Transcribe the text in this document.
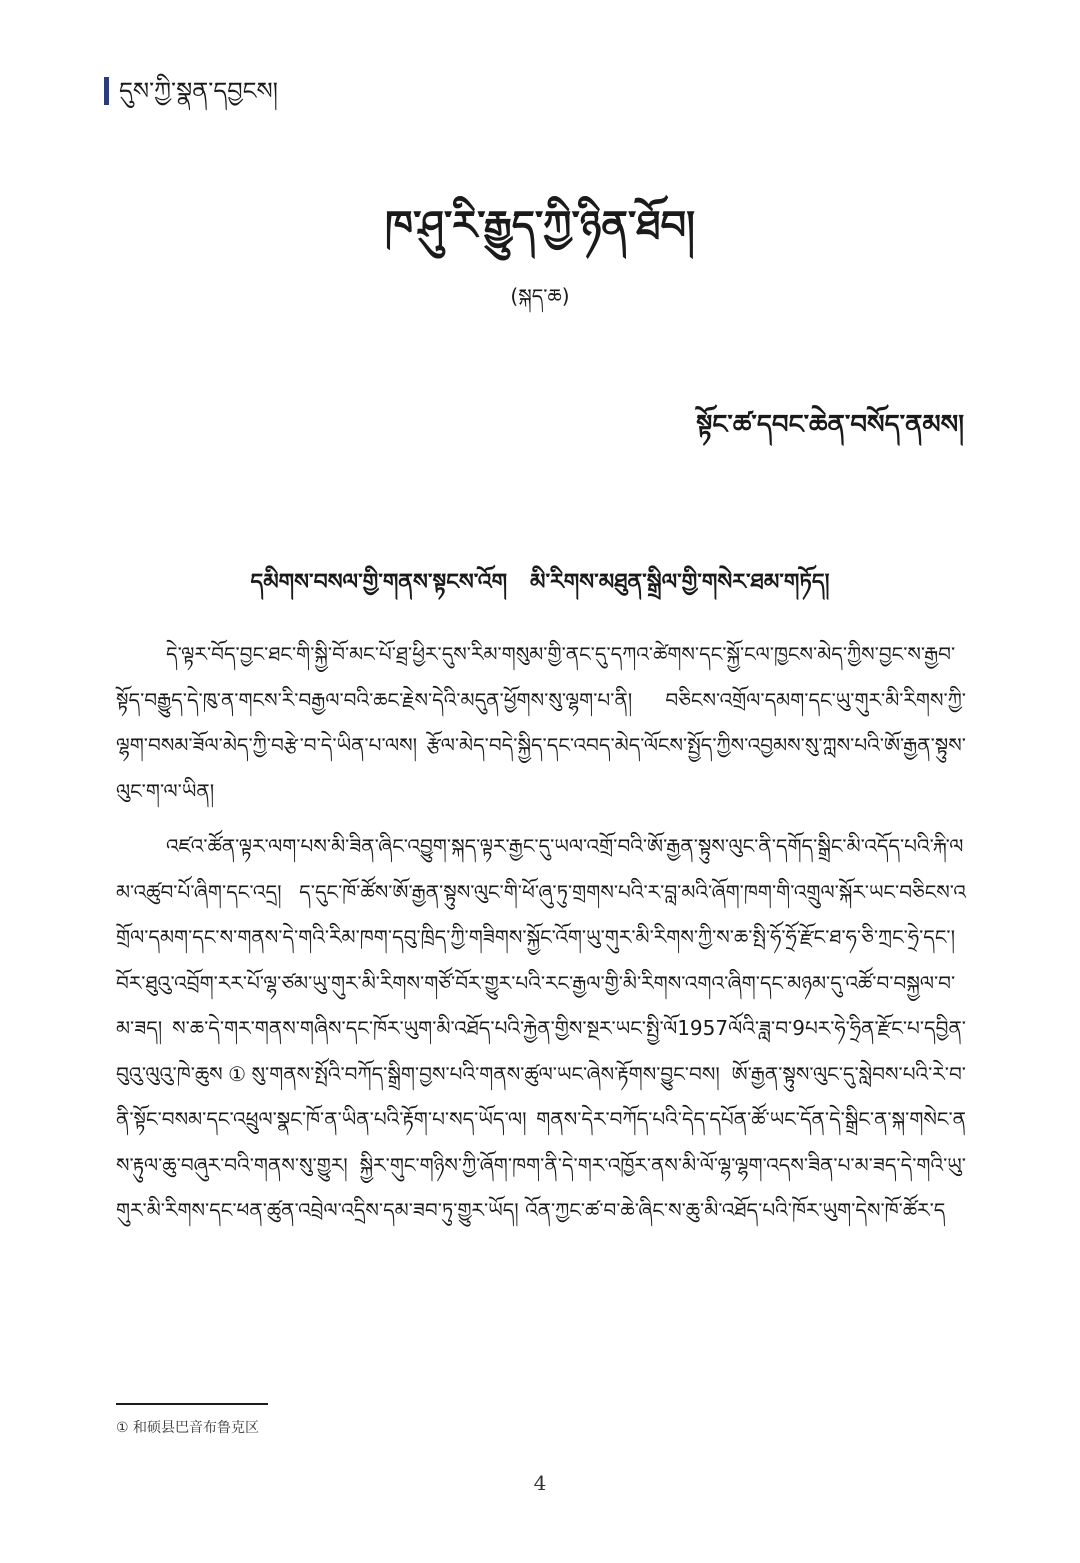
དུས་ཀྱི་སྣན་དབྱངས།
ཁ་ཤུ་རི་རྒྱུད་ཀྱི་ཉིན་ཐོབ།
(སྐད་ཆ)
སྟོང་ཚ་དབང་ཆེན་བསོད་ནམས།
དམིགས་བསལ་གྱི་གནས་སྟངས་འོག   མི་རིགས་མཐུན་སྒྲིལ་གྱི་གསེར་ཐམ་གཏོད།

དེ་ལྟར་བོད་བྱང་ཐང་གི་སྐྱི་བོ་མང་པོ་ཐྲ་ཕྱིར་དུས་རིམ་གསུམ་གྱི་ནང་དུ་དཀའ་ཚེགས་དང་སྐྱོ་ངལ་ཁྱངས་མེད་ཀྱིས་བྱང་ས་རྒྱབ་སྟོད་བརྒྱུད་དེ་ཁུ་ན་གངས་རི་བརྒྱལ་བའི་ཆང་རྗེས་དེའི་མདུན་ཕྱོགས་སུ་ལྷག་པ་ནི། བཅིངས་འགྲོལ་དམག་དང་ཡུ་གུར་མི་རིགས་ཀྱི་ལྷག་བསམ་ཟོལ་མེད་ཀྱི་བརྩེ་བ་དེ་ཡིན་པ་ལས། རྩོལ་མེད་བདེ་སྐྱིད་དང་འབད་མེད་ལོངས་སྤྱོད་ཀྱིས་འབྱམས་སུ་ཀླས་པའི་ཨོ་རྒྱན་སྟུས་ལུང་ག་ལ་ཡིན།

འཛའ་ཚོན་ལྟར་ལག་པས་མི་ཟིན་ཞིང་འབྱུག་སྐད་ལྟར་རྒྱང་དུ་ཡལ་འགྲོ་བའི་ཨོ་རྒྱན་སྟུས་ལུང་ནི་དགོད་སྒྲིང་མི་འདོད་པའི་རྐི་ལམ་འཚུབ་པོ་ཞིག་དང་འདྲ། ད་དུང་ཁོ་ཚོས་ཨོ་རྒྱན་སྟུས་ལུང་གི་ཕོ་ཞུ་ཏུ་གྲགས་པའི་ར་བླ་མའི་ཞོག་ཁག་གི་འགྲུལ་སྐོར་ཡང་བཅིངས་འགྲོལ་དམག་དང་ས་གནས་དེ་གའི་རིམ་ཁག་དབུ་ཁྲིད་ཀྱི་གཟིགས་སྐྱོང་འོག་ཡུ་གུར་མི་རིགས་ཀྱི་ས་ཆ་སྤི་ཧོ་ཧྲོ་རྫོང་ཐ་ཧ་ཅི་ཀྲང་ཧྲེ་དང་། བོར་ཐུའུ་འབྲོག་རར་པོ་ལྷ་ཙམ་ཡུ་གུར་མི་རིགས་གཙོ་བོར་གྱུར་པའི་རང་རྒྱལ་གྱི་མི་རིགས་འགའ་ཞིག་དང་མཉམ་དུ་འཚོ་བ་བསྐྱལ་བ་མ་ཟད། ས་ཆ་དེ་གར་གནས་གཞིས་དང་ཁོར་ཡུག་མི་འཐོད་པའི་རྐྱེན་གྱིས་སྔར་ཡང་སྤྱི་ལོ1957ལོའི་ཟླ་བ་9པར་ཧེ་ཧྲིན་རྫོང་པ་དབྱིན་བུའུ་ལུའུ་ཁེ་ཆུས①སུ་གནས་སྤོའི་བཀོད་སྒྲིག་བྱས་པའི་གནས་ཚུལ་ཡང་ཞེས་རྟོགས་བྱུང་བས། ཨོ་རྒྱན་སྟུས་ལུང་དུ་སླེབས་པའི་རེ་བ་ནི་སྟོང་བསམ་དང་འཕྲུལ་སྣང་ཁོ་ན་ཡིན་པའི་རྟོག་པ་སད་ཡོད་ལ། གནས་དེར་བཀོད་པའི་དེད་དཔོན་ཚོ་ཡང་དོན་དེ་སྒྲིང་ན་སྐ་གསེང་ནས་རྟུལ་ཆུ་བཞུར་བའི་གནས་སུ་གྱུར། སྐྱིར་གུང་གཉིས་ཀྱི་ཞོག་ཁག་ནི་དེ་གར་འཁྱོར་ནས་མི་ལོ་ལྷ་ལྷག་འདས་ཟིན་པ་མ་ཟད་དེ་གའི་ཡུ་གུར་མི་རིགས་དང་ཕན་ཚུན་འབྲེལ་འདྲིས་དམ་ཟབ་ཏུ་གྱུར་ཡོད། འོན་ཀྱང་ཚ་བ་ཆེ་ཞིང་ས་ཆུ་མི་འཐོད་པའི་ཁོར་ཡུག་དེས་ཁོ་ཚོར་ད

① 和硕县巴音布鲁克区
4
